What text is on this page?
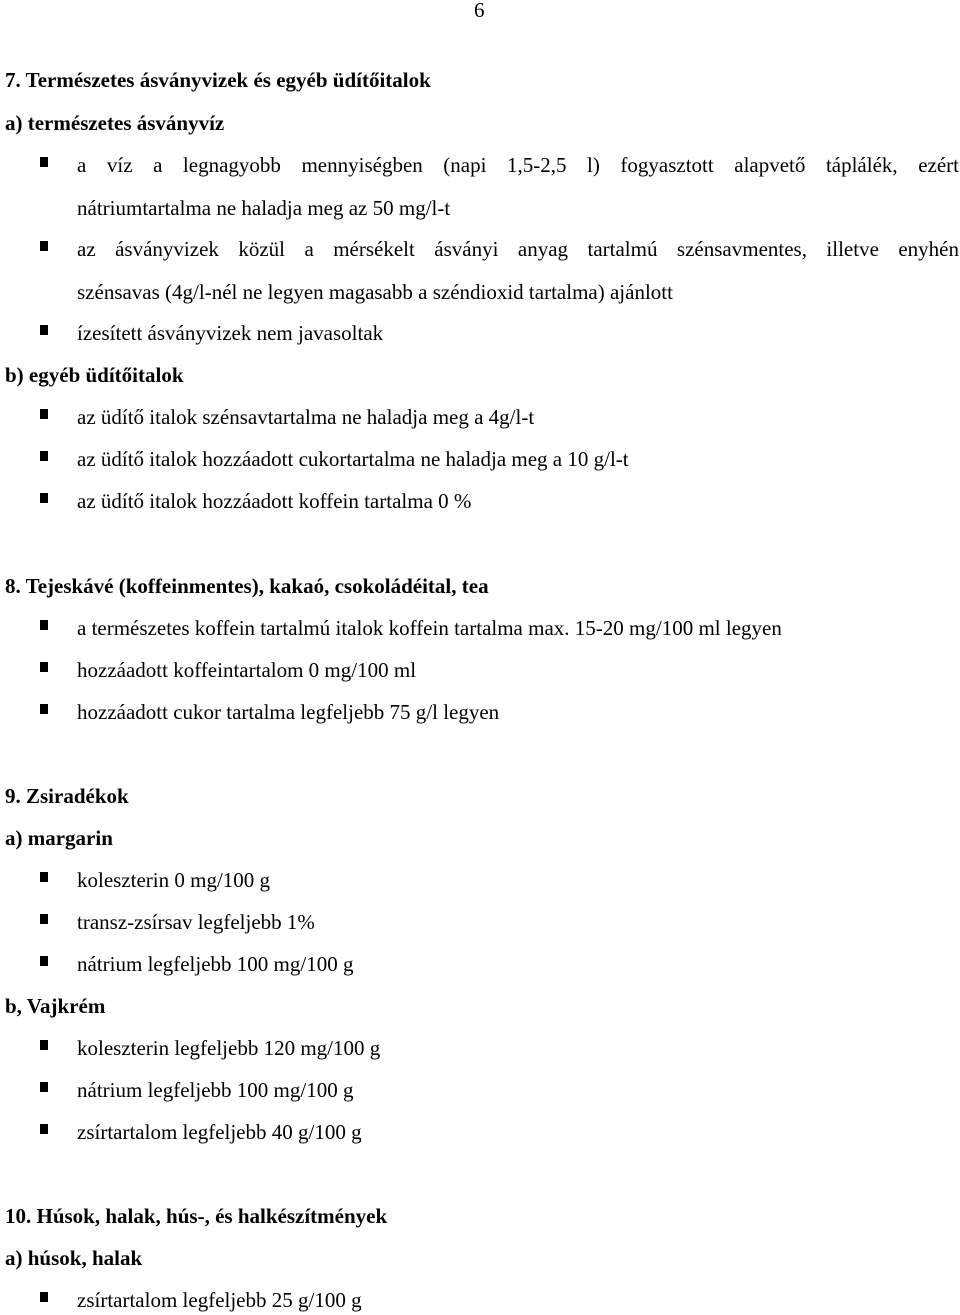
6
7. Természetes ásványvizek és egyéb üdítőitalok
a) természetes ásványvíz
a víz a legnagyobb mennyiségben (napi 1,5-2,5 l) fogyasztott alapvető táplálék, ezért
nátriumtartalma ne haladja meg az 50 mg/l-t
az ásványvizek közül a mérsékelt ásványi anyag tartalmú szénsavmentes, illetve enyhén
szénsavas (4g/l-nél ne legyen magasabb a széndioxid tartalma) ajánlott
ízesített ásványvizek nem javasoltak
b) egyéb üdítőitalok
az üdítő italok szénsavtartalma ne haladja meg a 4g/l-t
az üdítő italok hozzáadott cukortartalma ne haladja meg a 10 g/l-t
az üdítő italok hozzáadott koffein tartalma 0 %
8. Tejeskávé (koffeinmentes), kakaó, csokoládéital, tea
a természetes koffein tartalmú italok koffein tartalma max. 15-20 mg/100 ml legyen
hozzáadott koffeintartalom 0 mg/100 ml
hozzáadott cukor tartalma legfeljebb 75 g/l legyen
9. Zsiradékok
a) margarin
koleszterin 0 mg/100 g
transz-zsírsav legfeljebb 1%
nátrium legfeljebb 100 mg/100 g
b, Vajkrém
koleszterin legfeljebb 120 mg/100 g
nátrium legfeljebb 100 mg/100 g
zsírtartalom legfeljebb 40 g/100 g
10. Húsok, halak, hús-, és halkészítmények
a) húsok, halak
zsírtartalom legfeljebb 25 g/100 g
